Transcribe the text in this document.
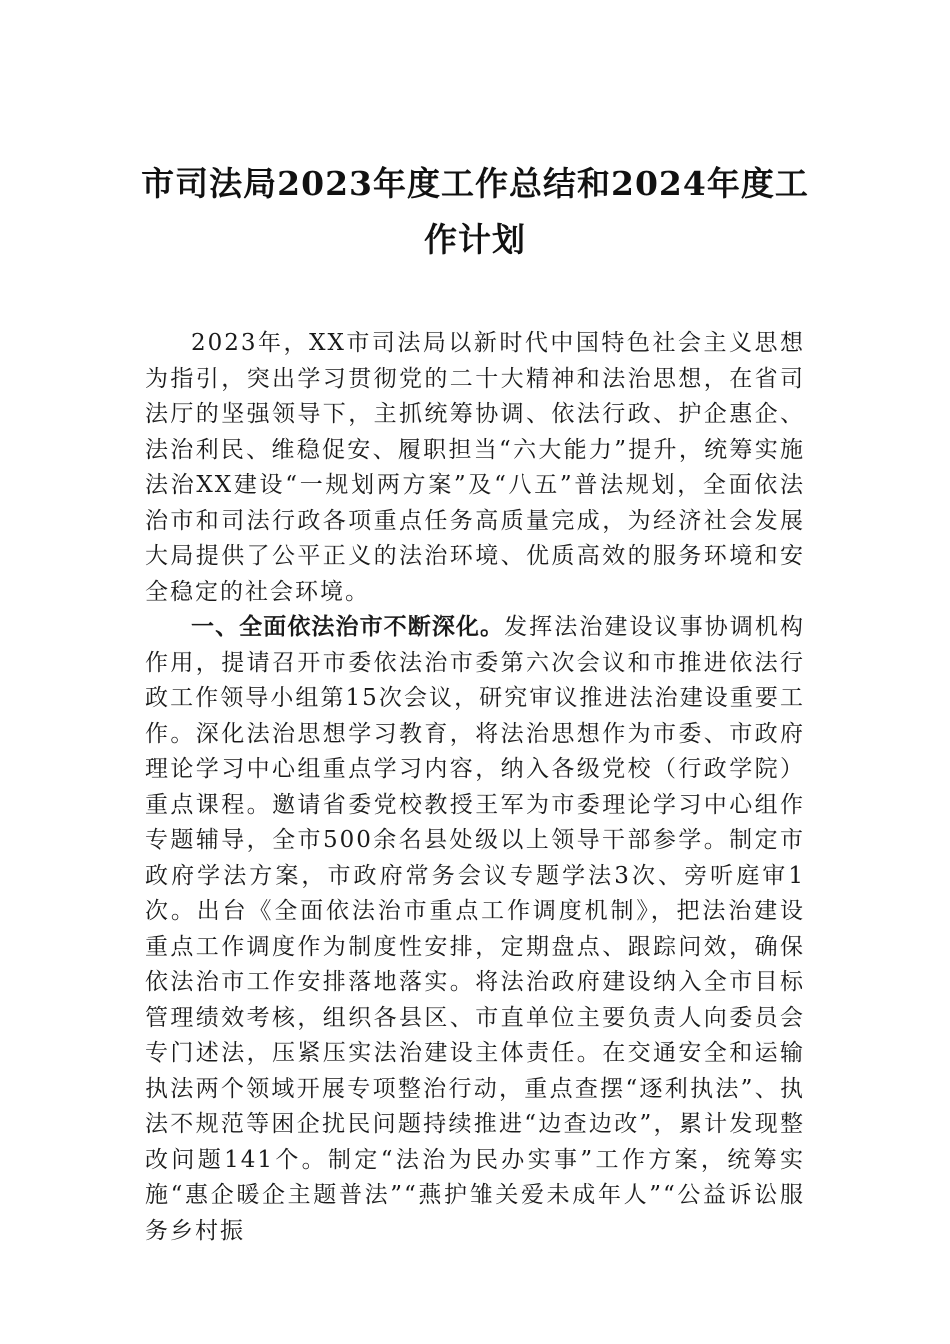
市司法局2023年度工作总结和2024年度工
作计划

2023年，XX市司法局以新时代中国特色社会主义思想为指引，突出学习贯彻党的二十大精神和法治思想，在省司法厅的坚强领导下，主抓统筹协调、依法行政、护企惠企、法治利民、维稳促安、履职担当“六大能力”提升，统筹实施法治XX建设“一规划两方案”及“八五”普法规划，全面依法治市和司法行政各项重点任务高质量完成，为经济社会发展大局提供了公平正义的法治环境、优质高效的服务环境和安全稳定的社会环境。

一、全面依法治市不断深化。发挥法治建设议事协调机构作用，提请召开市委依法治市委第六次会议和市推进依法行政工作领导小组第15次会议，研究审议推进法治建设重要工作。深化法治思想学习教育，将法治思想作为市委、市政府理论学习中心组重点学习内容，纳入各级党校（行政学院）重点课程。邀请省委党校教授王军为市委理论学习中心组作专题辅导，全市500余名县处级以上领导干部参学。制定市政府学法方案，市政府常务会议专题学法3次、旁听庭审1次。出台《全面依法治市重点工作调度机制》，把法治建设重点工作调度作为制度性安排，定期盘点、跟踪问效，确保依法治市工作安排落地落实。将法治政府建设纳入全市目标管理绩效考核，组织各县区、市直单位主要负责人向委员会专门述法，压紧压实法治建设主体责任。在交通安全和运输执法两个领域开展专项整治行动，重点查摆“逐利执法”、执法不规范等困企扰民问题持续推进“边查边改”，累计发现整改问题141个。制定“法治为民办实事”工作方案，统筹实施“惠企暖企主题普法”“燕护雏关爱未成年人”“公益诉讼服务乡村振
